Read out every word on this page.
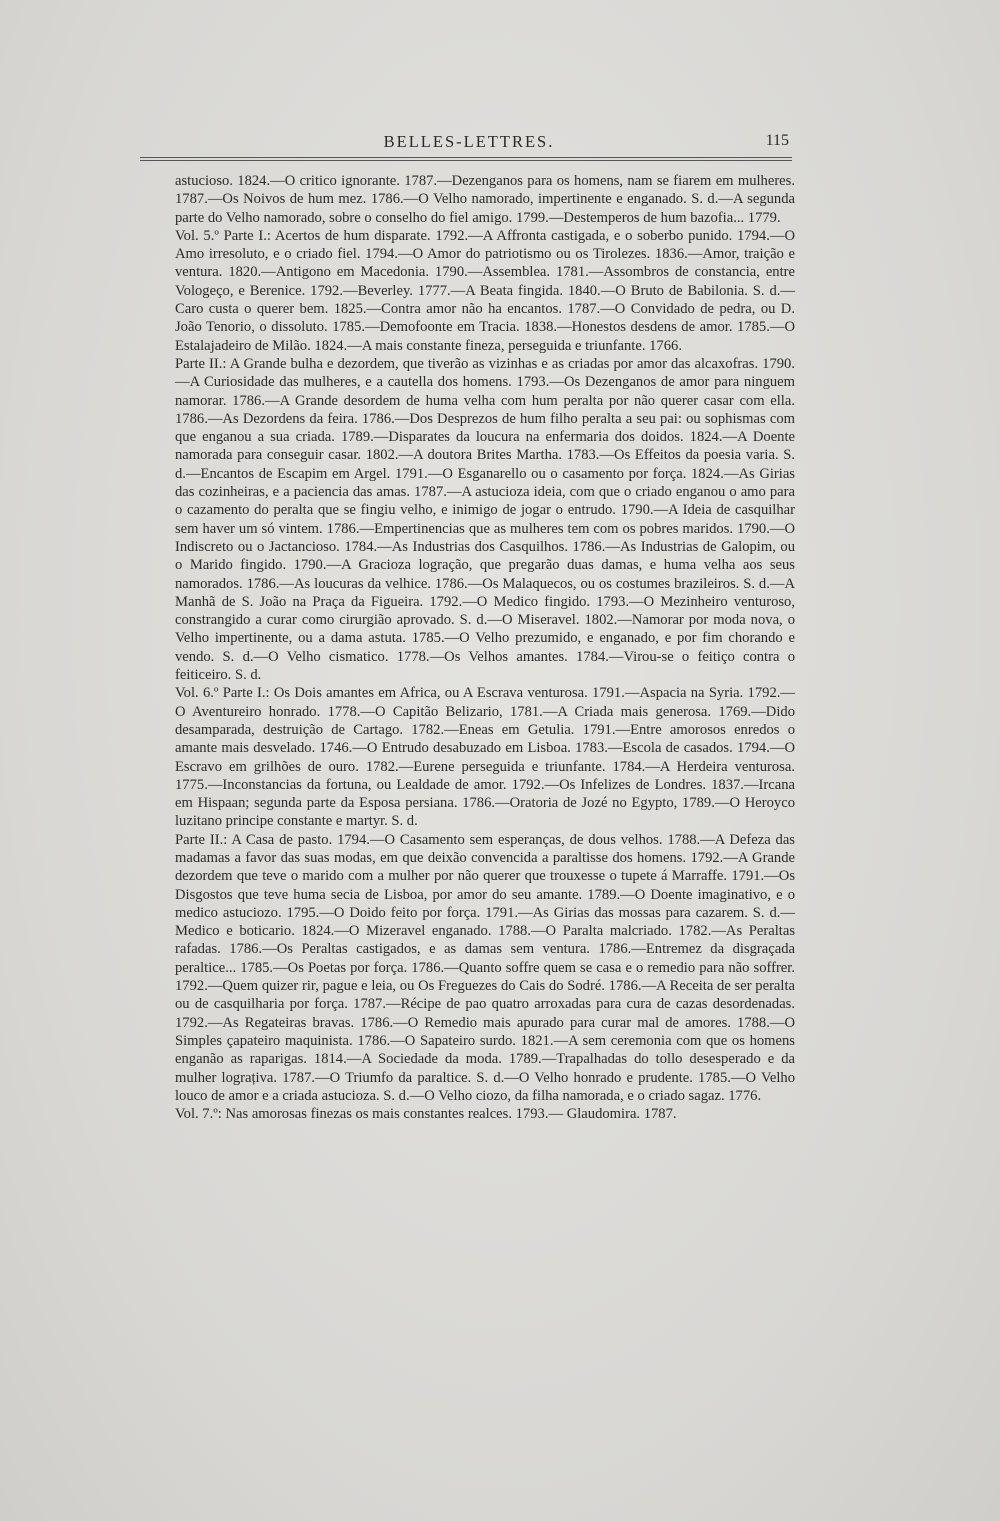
BELLES-LETTRES.	115

astucioso. 1824.—O critico ignorante. 1787.—Dezenganos para os homens, nam se fiarem em mulheres. 1787.—Os Noivos de hum mez. 1786.—O Velho namorado, impertinente e enganado. S. d.—A segunda parte do Velho namorado, sobre o conselho do fiel amigo. 1799.—Destemperos de hum bazofia... 1779.

Vol. 5.º Parte I.: Acertos de hum disparate. 1792.—A Affronta castigada, e o soberbo punido. 1794.—O Amo irresoluto, e o criado fiel. 1794.—O Amor do patriotismo ou os Tirolezes. 1836.—Amor, traição e ventura. 1820.—Antigono em Macedonia. 1790.—Assemblea. 1781.—Assombros de constancia, entre Vologeço, e Berenice. 1792.—Beverley. 1777.—A Beata fingida. 1840.—O Bruto de Babilonia. S. d.—Caro custa o querer bem. 1825.—Contra amor não ha encantos. 1787.—O Convidado de pedra, ou D. João Tenorio, o dissoluto. 1785.—Demofoonte em Tracia. 1838.—Honestos desdens de amor. 1785.—O Estalajadeiro de Milão. 1824.—A mais constante fineza, perseguida e triunfante. 1766.

Parte II.: A Grande bulha e dezordem, que tiverão as vizinhas e as criadas por amor das alcaxofras. 1790.—A Curiosidade das mulheres, e a cautella dos homens. 1793.—Os Dezenganos de amor para ninguem namorar. 1786.—A Grande desordem de huma velha com hum peralta por não querer casar com ella. 1786.—As Dezordens da feira. 1786.—Dos Desprezos de hum filho peralta a seu pai: ou sophismas com que enganou a sua criada. 1789.—Disparates da loucura na enfermaria dos doidos. 1824.—A Doente namorada para conseguir casar. 1802.—A doutora Brites Martha. 1783.—Os Effeitos da poesia varia. S. d.—Encantos de Escapim em Argel. 1791.—O Esganarello ou o casamento por força. 1824.—As Girias das cozinheiras, e a paciencia das amas. 1787.—A astucioza ideia, com que o criado enganou o amo para o cazamento do peralta que se fingiu velho, e inimigo de jogar o entrudo. 1790.—A Ideia de casquilhar sem haver um só vintem. 1786.—Empertinencias que as mulheres tem com os pobres maridos. 1790.—O Indiscreto ou o Jactancioso. 1784.—As Industrias dos Casquilhos. 1786.—As Industrias de Galopim, ou o Marido fingido. 1790.—A Gracioza logração, que pregarão duas damas, e huma velha aos seus namorados. 1786.—As loucuras da velhice. 1786.—Os Malaquecos, ou os costumes brazileiros. S. d.—A Manhã de S. João na Praça da Figueira. 1792.—O Medico fingido. 1793.—O Mezinheiro venturoso, constrangido a curar como cirurgião aprovado. S. d.—O Miseravel. 1802.—Namorar por moda nova, o Velho impertinente, ou a dama astuta. 1785.—O Velho prezumido, e enganado, e por fim chorando e vendo. S. d.—O Velho cismatico. 1778.—Os Velhos amantes. 1784.—Virou-se o feitiço contra o feiticeiro. S. d.

Vol. 6.º Parte I.: Os Dois amantes em Africa, ou A Escrava venturosa. 1791.—Aspacia na Syria. 1792.—O Aventureiro honrado. 1778.—O Capitão Belizario, 1781.—A Criada mais generosa. 1769.—Dido desamparada, destruição de Cartago. 1782.—Eneas em Getulia. 1791.—Entre amorosos enredos o amante mais desvelado. 1746.—O Entrudo desabuzado em Lisboa. 1783.—Escola de casados. 1794.—O Escravo em grilhões de ouro. 1782.—Eurene perseguida e triunfante. 1784.—A Herdeira venturosa. 1775.—Inconstancias da fortuna, ou Lealdade de amor. 1792.—Os Infelizes de Londres. 1837.—Ircana em Hispaan; segunda parte da Esposa persiana. 1786.—Oratoria de Jozé no Egypto, 1789.—O Heroyco luzitano principe constante e martyr. S. d.

Parte II.: A Casa de pasto. 1794.—O Casamento sem esperanças, de dous velhos. 1788.—A Defeza das madamas a favor das suas modas, em que deixão convencida a paraltisse dos homens. 1792.—A Grande dezordem que teve o marido com a mulher por não querer que trouxesse o tupete á Marraffe. 1791.—Os Disgostos que teve huma secia de Lisboa, por amor do seu amante. 1789.—O Doente imaginativo, e o medico astuciozo. 1795.—O Doido feito por força. 1791.—As Girias das mossas para cazarem. S. d.—Medico e boticario. 1824.—O Mizeravel enganado. 1788.—O Paralta malcriado. 1782.—As Peraltas rafadas. 1786.—Os Peraltas castigados, e as damas sem ventura. 1786.—Entremez da disgraçada peraltice... 1785.—Os Poetas por força. 1786.—Quanto soffre quem se casa e o remedio para não soffrer. 1792.—Quem quizer rir, pague e leia, ou Os Freguezes do Cais do Sodré. 1786.—A Receita de ser peralta ou de casquilharia por força. 1787.—Récipe de pao quatro arroxadas para cura de cazas desordenadas. 1792.—As Regateiras bravas. 1786.—O Remedio mais apurado para curar mal de amores. 1788.—O Simples çapateiro maquinista. 1786.—O Sapateiro surdo. 1821.—A sem ceremonia com que os homens enganão as raparigas. 1814.—A Sociedade da moda. 1789.—Trapalhadas do tollo desesperado e da mulher lograțiva. 1787.—O Triumfo da paraltice. S. d.—O Velho honrado e prudente. 1785.—O Velho louco de amor e a criada astucioza. S. d.—O Velho ciozo, da filha namorada, e o criado sagaz. 1776.

Vol. 7.º: Nas amorosas finezas os mais constantes realces. 1793.— Glaudomira. 1787.
